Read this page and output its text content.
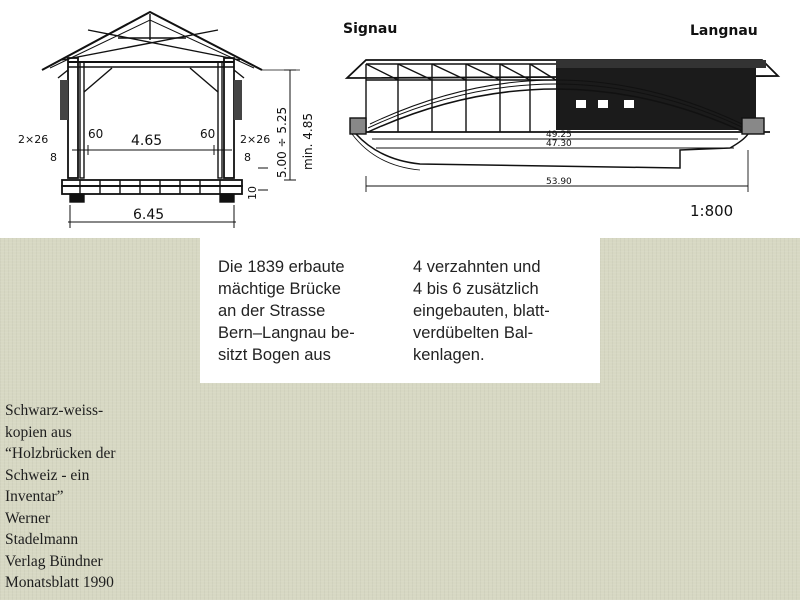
2×26	60 4.65	60 2×26
8	8
6.45
5.00 ÷ 5.25 min. 4.85
10
Signau	Langnau
49.25
47.30
53.90
1:800
Die 1839 erbaute
mächtige Brücke
an der Strasse
Bern–Langnau be-
sitzt Bogen aus
4 verzahnten und
4 bis 6 zusätzlich
eingebauten, blatt-
verdübelten Bal-
kenlagen.
Schwarz-weiss-
kopien aus
“Holzbrücken der
Schweiz - ein
Inventar”
Werner
Stadelmann
Verlag Bündner
Monatsblatt 1990
